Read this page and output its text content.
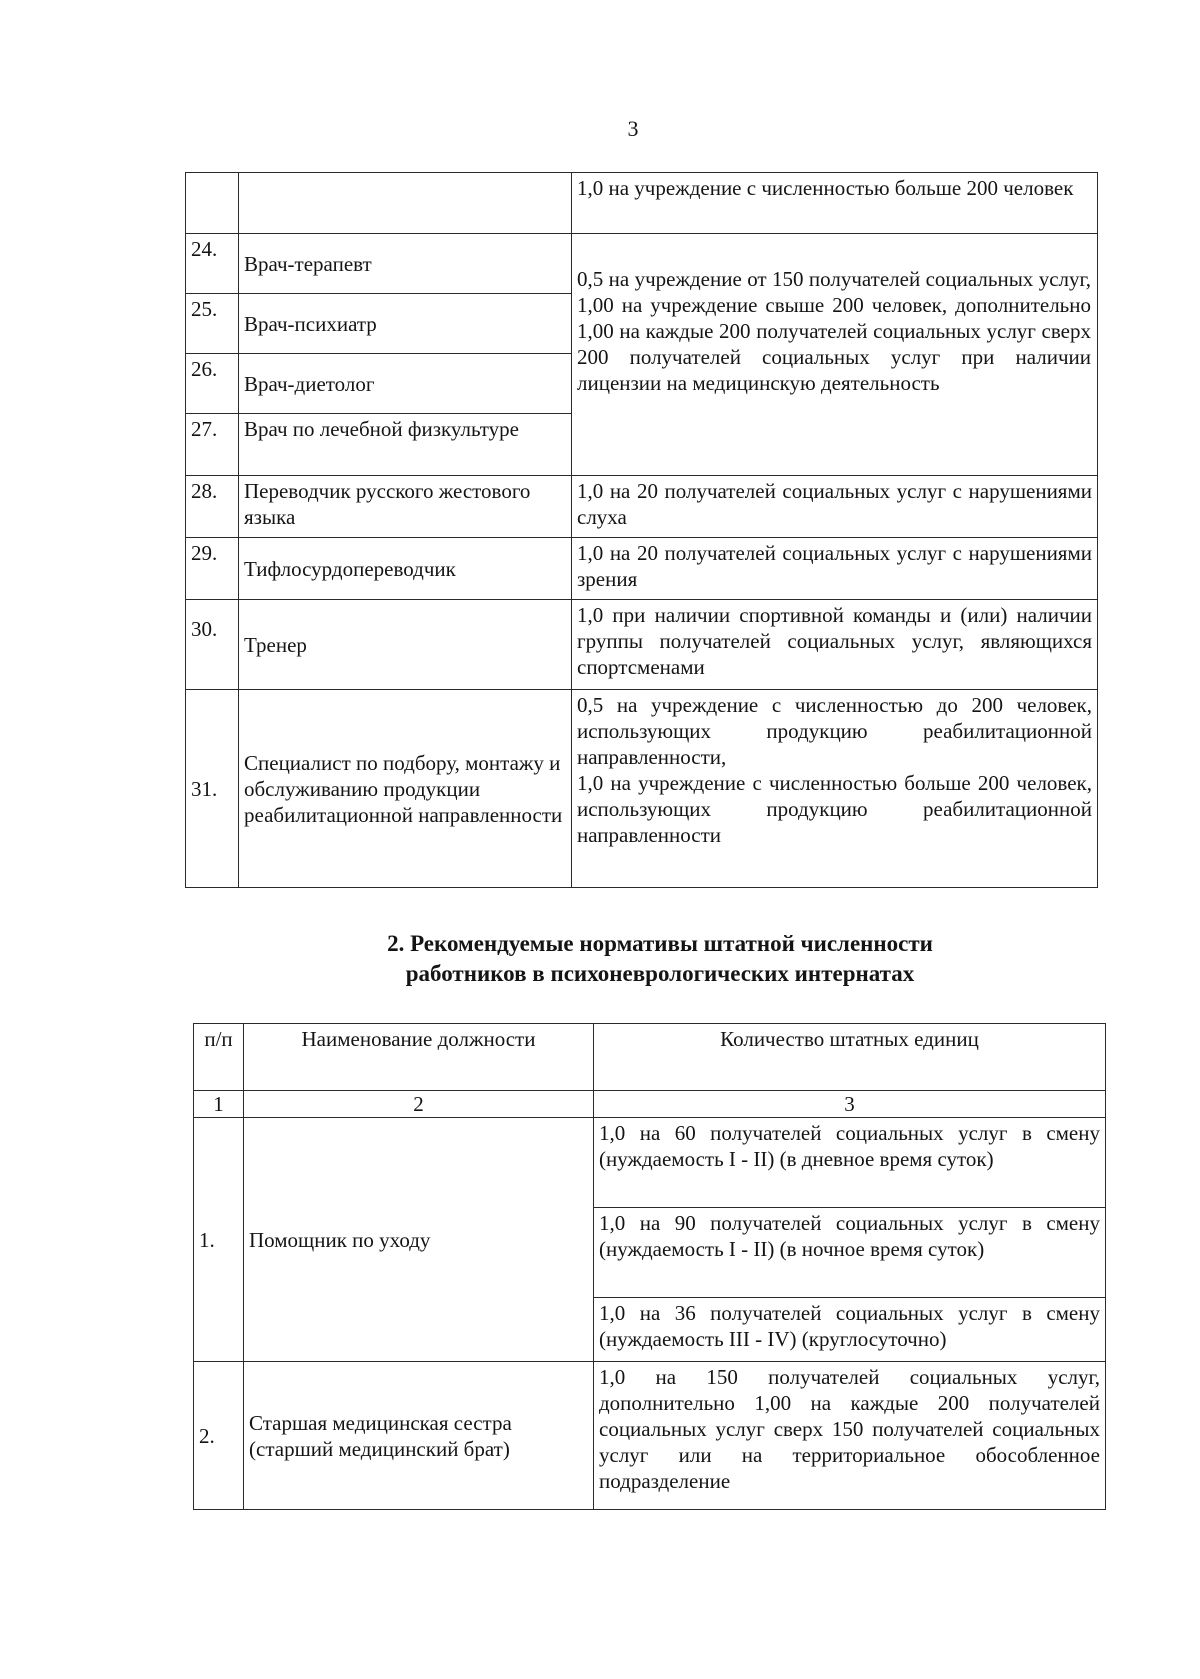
3
		1,0 на учреждение с численностью больше 200 человек
24.	Врач-терапевт	0,5 на учреждение от 150 получателей социальных услуг, 1,00 на учреждение свыше 200 человек, дополнительно 1,00 на каждые 200 получателей социальных услуг сверх 200 получателей социальных услуг при наличии лицензии на медицинскую деятельность
25.	Врач-психиатр	
26.	Врач-диетолог	
27.	Врач по лечебной физкультуре	
28.	Переводчик русского жестового языка	1,0 на 20 получателей социальных услуг с нарушениями слуха
29.	Тифлосурдопереводчик	1,0 на 20 получателей социальных услуг с нарушениями зрения
30.	Тренер	1,0 при наличии спортивной команды и (или) наличии группы получателей социальных услуг, являющихся спортсменами
31.	Специалист по подбору, монтажу и обслуживанию продукции реабилитационной направленности	0,5 на учреждение с численностью до 200 человек, использующих продукцию реабилитационной направленности,
1,0 на учреждение с численностью больше 200 человек, использующих продукцию реабилитационной направленности
2. Рекомендуемые нормативы штатной численности
работников в психоневрологических интернатах
п/п	Наименование должности	Количество штатных единиц
1	2	3
1.	Помощник по уходу	1,0 на 60 получателей социальных услуг в смену (нуждаемость I - II) (в дневное время суток)
		1,0 на 90 получателей социальных услуг в смену (нуждаемость I - II) (в ночное время суток)
		1,0 на 36 получателей социальных услуг в смену (нуждаемость III - IV) (круглосуточно)
2.	Старшая медицинская сестра (старший медицинский брат)	1,0 на 150 получателей социальных услуг, дополнительно 1,00 на каждые 200 получателей социальных услуг сверх 150 получателей социальных услуг или на территориальное обособленное подразделение
